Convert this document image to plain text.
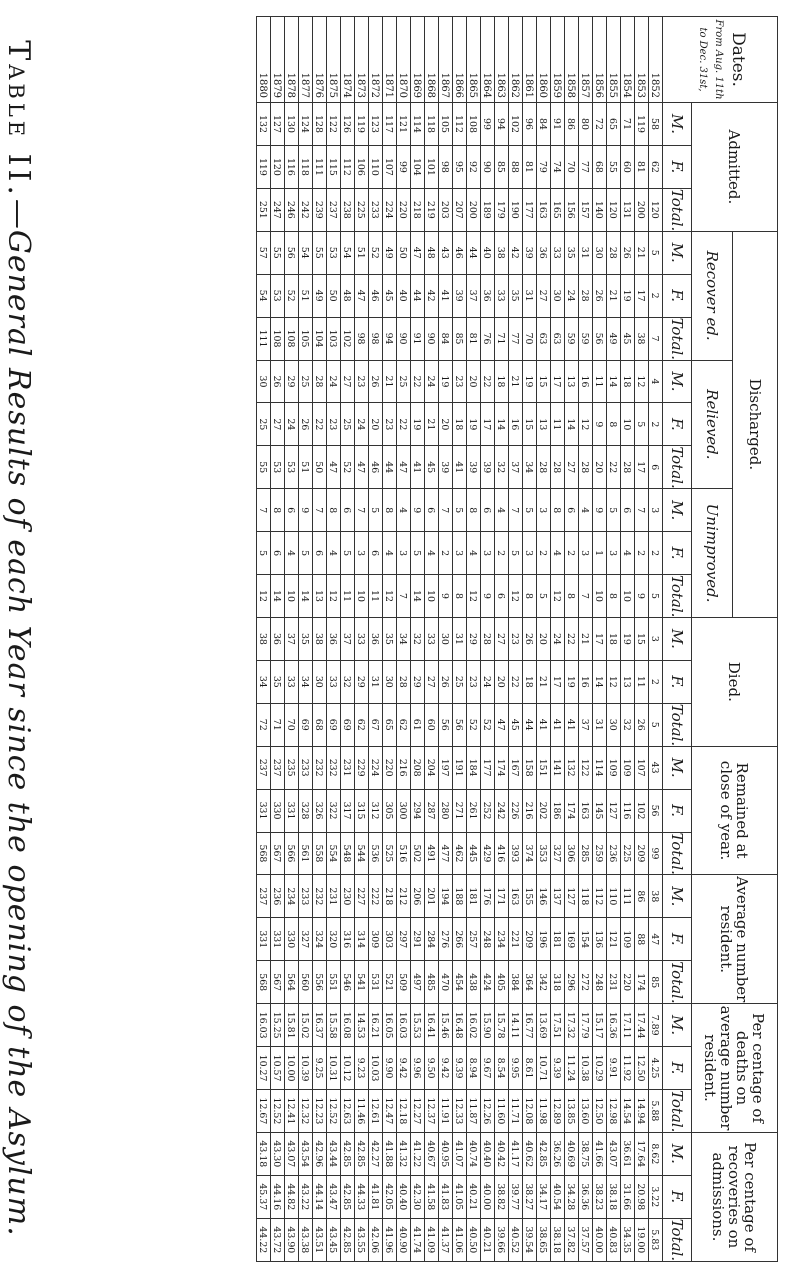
Table II.—General Results of each Year since the opening of the Asylum.
Dates.
From Aug. 11th to Dec. 31st,	Admitted.			Discharged.									Died.			Remained at close of year.			Average number resident.			Per centage of deaths on average number resident.			Per centage of recoveries on admissions.		
				Recover ed.			Relieved.			Unimproved.																	
	M.	F.	Total.	M.	F.	Total.	M.	F.	Total.	M.	F.	Total.	M.	F.	Total.	M.	F.	Total.	M.	F.	Total.	M.	F.	Total.	M.	F.	Total.
1852	58	62	120	5	2	7	4	2	6	3	2	5	3	2	5	43	56	99	38	47	85	7.89	4.25	5.88	8.62	3.22	5.83
1853	119	81	200	21	17	38	12	5	17	7	2	9	15	11	26	107	102	209	86	88	174	17.44	12.50	14.94	17.64	20.98	19.00
1854	71	60	131	26	19	45	18	10	28	6	4	10	19	13	32	109	116	225	111	109	220	17.11	11.92	14.54	36.61	31.66	34.35
1855	65	55	120	28	21	49	14	8	22	5	3	8	18	12	30	109	127	236	110	121	231	16.36	9.91	12.98	43.07	38.18	40.83
1856	72	68	140	30	26	56	11	9	20	9	1	10	17	14	31	114	145	259	112	136	248	15.17	10.29	12.50	41.66	38.23	40.00
1857	80	77	157	31	28	59	16	12	28	4	3	7	21	16	37	122	163	285	118	154	272	17.79	10.38	13.60	38.75	36.36	37.57
1858	86	70	156	35	24	59	13	14	27	6	2	8	22	19	41	132	174	306	127	169	296	17.32	11.24	13.85	40.69	34.28	37.82
1859	91	74	165	33	30	63	17	11	28	8	4	12	24	17	41	141	186	327	137	181	318	17.51	9.39	12.89	36.26	40.54	38.18
1860	84	79	163	36	27	63	15	13	28	3	2	5	20	21	41	151	202	353	146	196	342	13.69	10.71	11.98	42.85	34.17	38.65
1861	96	81	177	39	31	70	19	15	34	5	3	8	26	18	44	158	216	374	155	209	364	16.77	8.61	12.08	40.62	38.27	39.54
1862	102	88	190	42	35	77	21	16	37	7	5	12	23	22	45	167	226	393	163	221	384	14.11	9.95	11.71	41.17	39.77	40.52
1863	94	85	179	38	33	71	18	14	32	4	2	6	27	20	47	174	242	416	171	234	405	15.78	8.54	11.60	40.42	38.82	39.66
1864	99	90	189	40	36	76	22	17	39	6	3	9	28	24	52	177	252	429	176	248	424	15.90	9.67	12.26	40.40	40.00	40.21
1865	108	92	200	44	37	81	20	19	39	8	4	12	29	23	52	184	261	445	181	257	438	16.02	8.94	11.87	40.74	40.21	40.50
1866	112	95	207	46	39	85	23	18	41	5	3	8	31	25	56	191	271	462	188	266	454	16.48	9.39	12.33	41.07	41.05	41.06
1867	105	98	203	43	41	84	19	20	39	7	2	9	30	26	56	197	280	477	194	276	470	15.46	9.42	11.91	40.95	41.83	41.37
1868	118	101	219	48	42	90	24	21	45	6	4	10	33	27	60	204	287	491	201	284	485	16.41	9.50	12.37	40.67	41.58	41.09
1869	114	104	218	47	44	91	22	19	41	9	5	14	32	29	61	208	294	502	206	291	497	15.53	9.96	12.27	41.22	42.30	41.74
1870	121	99	220	50	40	90	25	22	47	4	3	7	34	28	62	216	300	516	212	297	509	16.03	9.42	12.18	41.32	40.40	40.90
1871	117	107	224	49	45	94	21	23	44	8	4	12	35	30	65	220	305	525	218	303	521	16.05	9.90	12.47	41.88	42.05	41.96
1872	123	110	233	52	46	98	26	20	46	5	6	11	36	31	67	224	312	536	222	309	531	16.21	10.03	12.61	42.27	41.81	42.06
1873	119	106	225	51	47	98	23	24	47	7	3	10	33	29	62	229	315	544	227	314	541	14.53	9.23	11.46	42.85	44.33	43.55
1874	126	112	238	54	48	102	27	25	52	6	5	11	37	32	69	231	317	548	230	316	546	16.08	10.12	12.63	42.85	42.85	42.85
1875	122	115	237	53	50	103	24	23	47	8	4	12	36	33	69	232	322	554	231	320	551	15.58	10.31	12.52	43.44	43.47	43.45
1876	128	111	239	55	49	104	28	22	50	7	6	13	38	30	68	232	326	558	232	324	556	16.37	9.25	12.23	42.96	44.14	43.51
1877	124	118	242	54	51	105	25	26	51	9	5	14	35	34	69	233	328	561	233	327	560	15.02	10.39	12.32	43.54	43.22	43.38
1878	130	116	246	56	52	108	29	24	53	6	4	10	37	33	70	235	331	566	234	330	564	15.81	10.00	12.41	43.07	44.82	43.90
1879	127	120	247	55	53	108	26	27	53	8	6	14	36	35	71	237	330	567	236	331	567	15.25	10.57	12.52	43.30	44.16	43.72
1880	132	119	251	57	54	111	30	25	55	7	5	12	38	34	72	237	331	568	237	331	568	16.03	10.27	12.67	43.18	45.37	44.22
